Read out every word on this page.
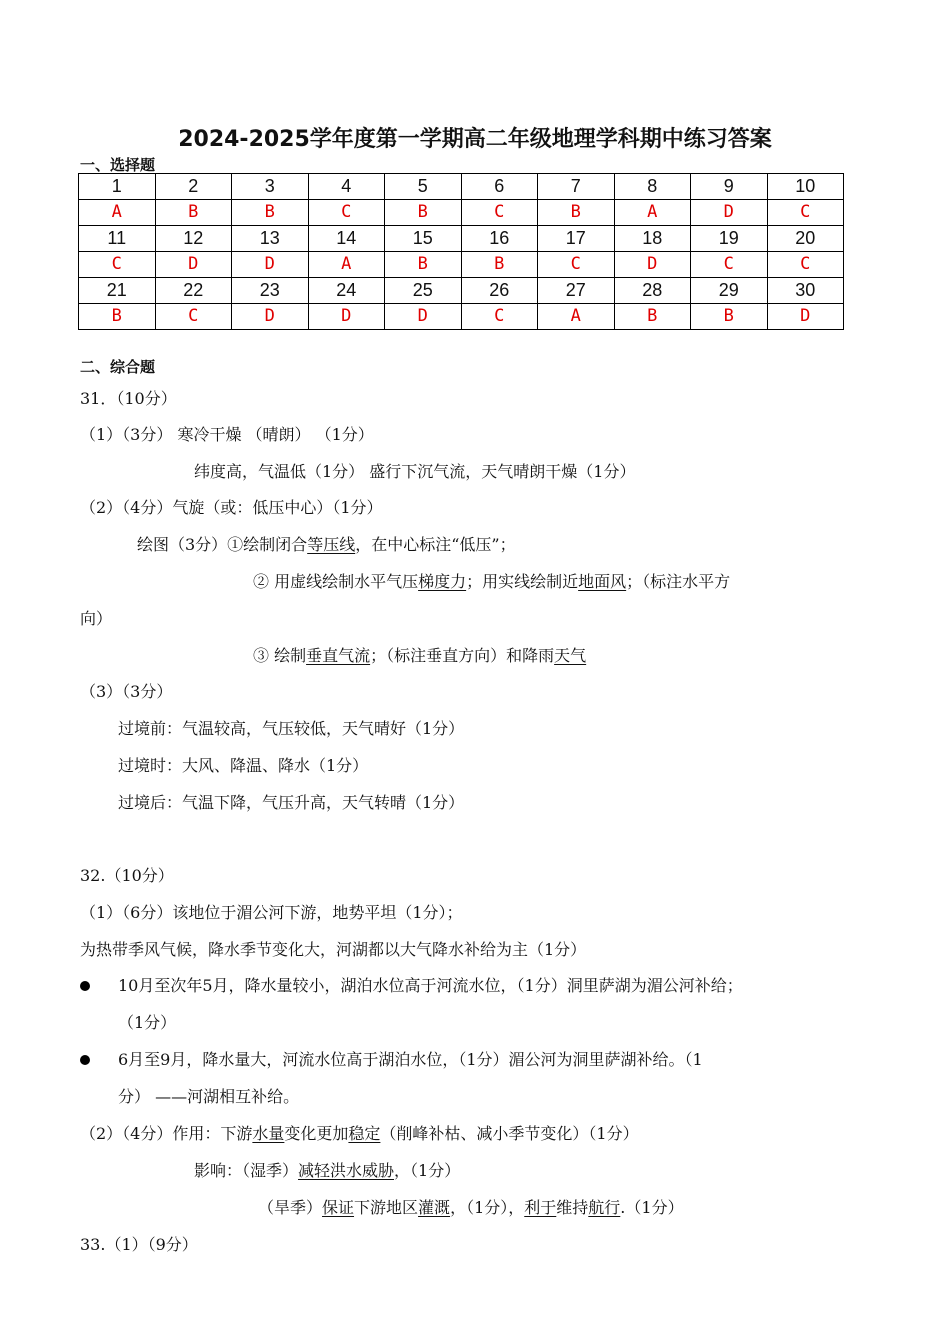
2024-2025学年度第一学期高二年级地理学科期中练习答案
一、选择题
1	2	3	4	5	6	7	8	9	10
A	B	B	C	B	C	B	A	D	C
11	12	13	14	15	16	17	18	19	20
C	D	D	A	B	B	C	D	C	C
21	22	23	24	25	26	27	28	29	30
B	C	D	D	D	C	A	B	B	D
二、综合题
31．（10分）
（1）（3分） 寒冷干燥 （晴朗） （1分）
纬度高，气温低（1分） 盛行下沉气流，天气晴朗干燥（1分）
（2）（4分）气旋（或：低压中心）（1分）
绘图（3分）①绘制闭合等压线，在中心标注“低压”；
② 用虚线绘制水平气压梯度力；用实线绘制近地面风；（标注水平方
向）
③ 绘制垂直气流；（标注垂直方向）和降雨天气
（3）（3分）
过境前：气温较高，气压较低，天气晴好（1分）
过境时：大风、降温、降水（1分）
过境后：气温下降，气压升高，天气转晴（1分）
32.（10分）
（1）（6分）该地位于湄公河下游，地势平坦（1分）；
为热带季风气候，降水季节变化大，河湖都以大气降水补给为主（1分）
10月至次年5月，降水量较小，湖泊水位高于河流水位，（1分）洞里萨湖为湄公河补给；
（1分）
6月至9月，降水量大，河流水位高于湖泊水位，（1分）湄公河为洞里萨湖补给。（1
分） ——河湖相互补给。
（2）（4分）作用：下游水量变化更加稳定（削峰补枯、减小季节变化）（1分）
影响：（湿季）减轻洪水威胁，（1分）
（旱季）保证下游地区灌溉，（1分），利于维持航行.（1分）
33.（1）（9分）
